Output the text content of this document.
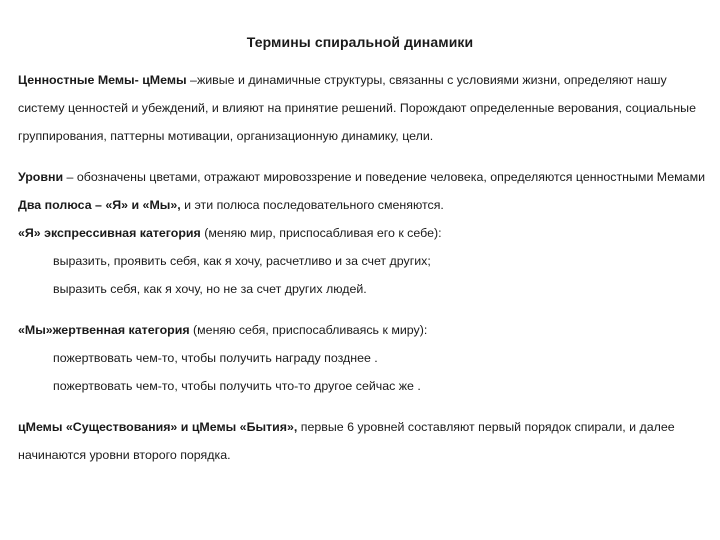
Термины спиральной динамики

Ценностные Мемы- цМемы –живые и динамичные структуры, связанны с условиями жизни, определяют нашу систему ценностей и убеждений, и влияют на принятие решений. Порождают определенные верования, социальные группирования, паттерны мотивации, организационную динамику, цели.

Уровни – обозначены цветами, отражают мировоззрение и поведение человека, определяются ценностными Мемами

Два полюса – «Я» и «Мы», и эти полюса последовательного сменяются.

«Я» экспрессивная категория (меняю мир, приспосабливая его к себе):

выразить, проявить себя, как я хочу, расчетливо и за счет других;

выразить себя, как я хочу, но не за счет других людей.

«Мы»жертвенная категория (меняю себя, приспосабливаясь к миру):

пожертвовать чем-то, чтобы получить награду позднее .

пожертвовать чем-то, чтобы получить что-то другое сейчас же .

цМемы «Существования» и цМемы «Бытия», первые 6 уровней составляют первый порядок спирали, и далее начинаются уровни второго порядка.
